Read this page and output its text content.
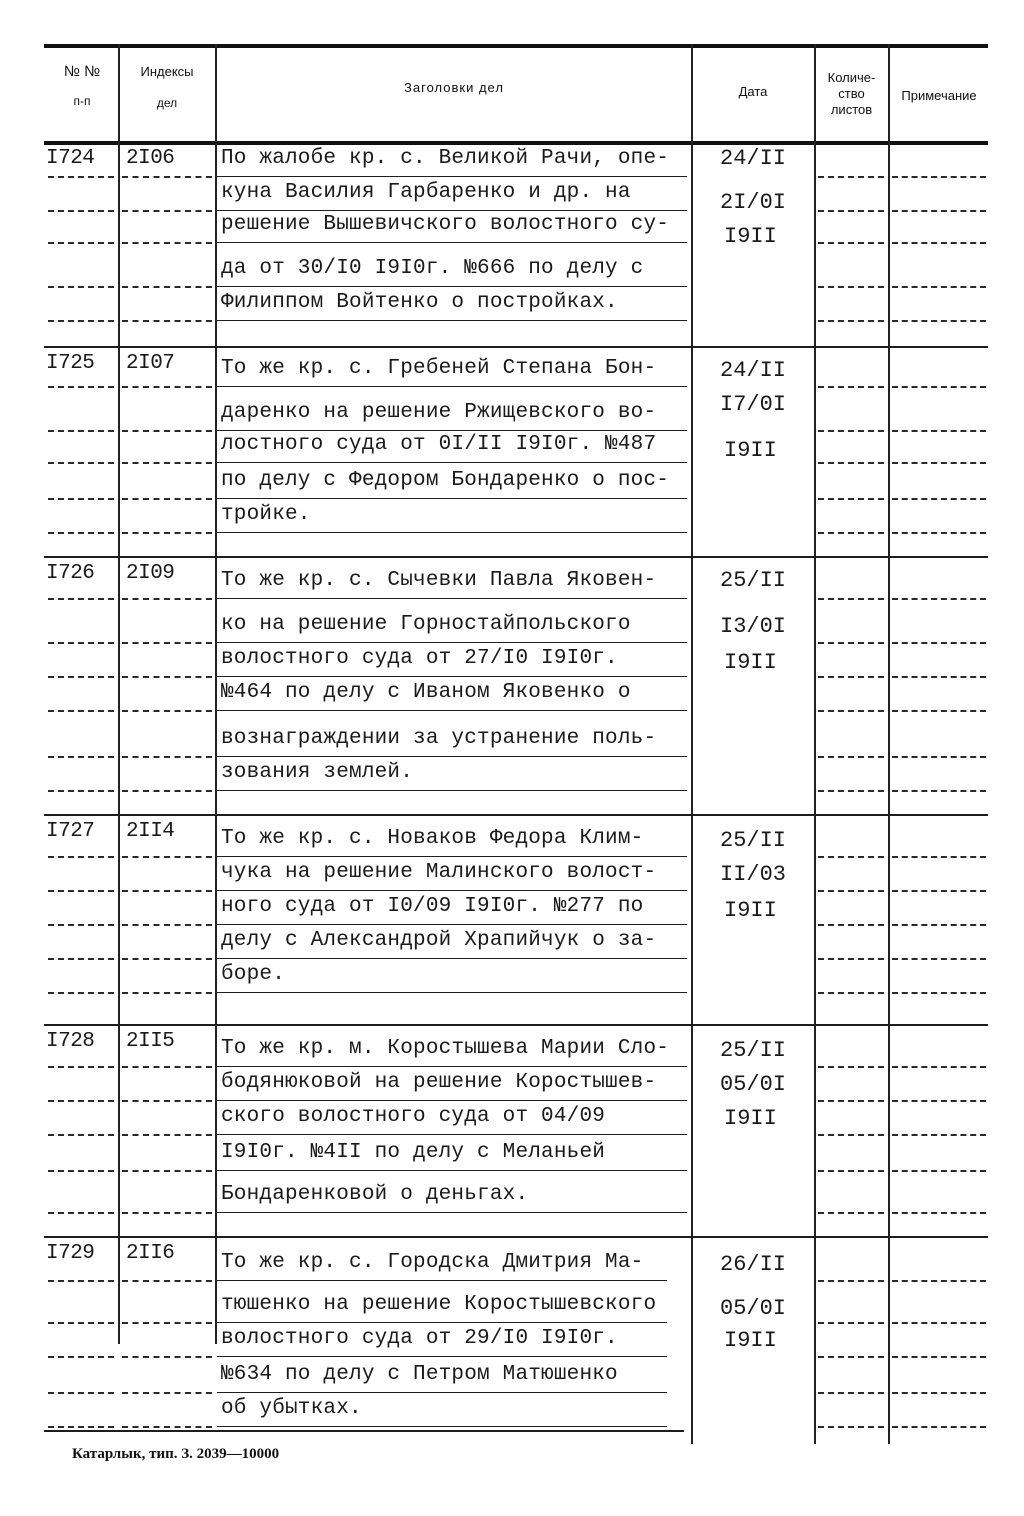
№ №
п-п
Индексы
дел
Заголовки дел	Дата
Количе-
ство
листов
Примечание
I724 2I06 По жалобе кр. с. Великой Рачи, опе-
куна Василия Гарбаренко и др. на
решение Вышевичского волостного су-
да от 30/I0 I9I0г. №666 по делу с
Филиппом Войтенко о постройках.
24/II
2I/0I
I9II
I725 2I07 То же кр. с. Гребеней Степана Бон-
даренко на решение Ржищевского во-
лостного суда от 0I/II I9I0г. №487
по делу с Федором Бондаренко о пос-
тройке.
24/II
I7/0I
I9II
I726 2I09 То же кр. с. Сычевки Павла Яковен-
ко на решение Горностайпольского
волостного суда от 27/I0 I9I0г.
№464 по делу с Иваном Яковенко о
вознаграждении за устранение поль-
зования землей.
25/II
I3/0I
I9II
I727 2II4 То же кр. с. Новаков Федора Клим-
чука на решение Малинского волост-
ного суда от I0/09 I9I0г. №277 по
делу с Александрой Храпийчук о за-
боре.
25/II
II/03
I9II
I728 2II5 То же кр. м. Коростышева Марии Сло-
бодянюковой на решение Коростышев-
ского волостного суда от 04/09
I9I0г. №4II по делу с Меланьей
Бондаренковой о деньгах.
25/II
05/0I
I9II
I729 2II6 То же кр. с. Городска Дмитрия Ма-
тюшенко на решение Коростышевского
волостного суда от 29/I0 I9I0г.
№634 по делу с Петром Матюшенко
об убытках.
26/II
05/0I
I9II
Катарлык, тип. З. 2039—10000
